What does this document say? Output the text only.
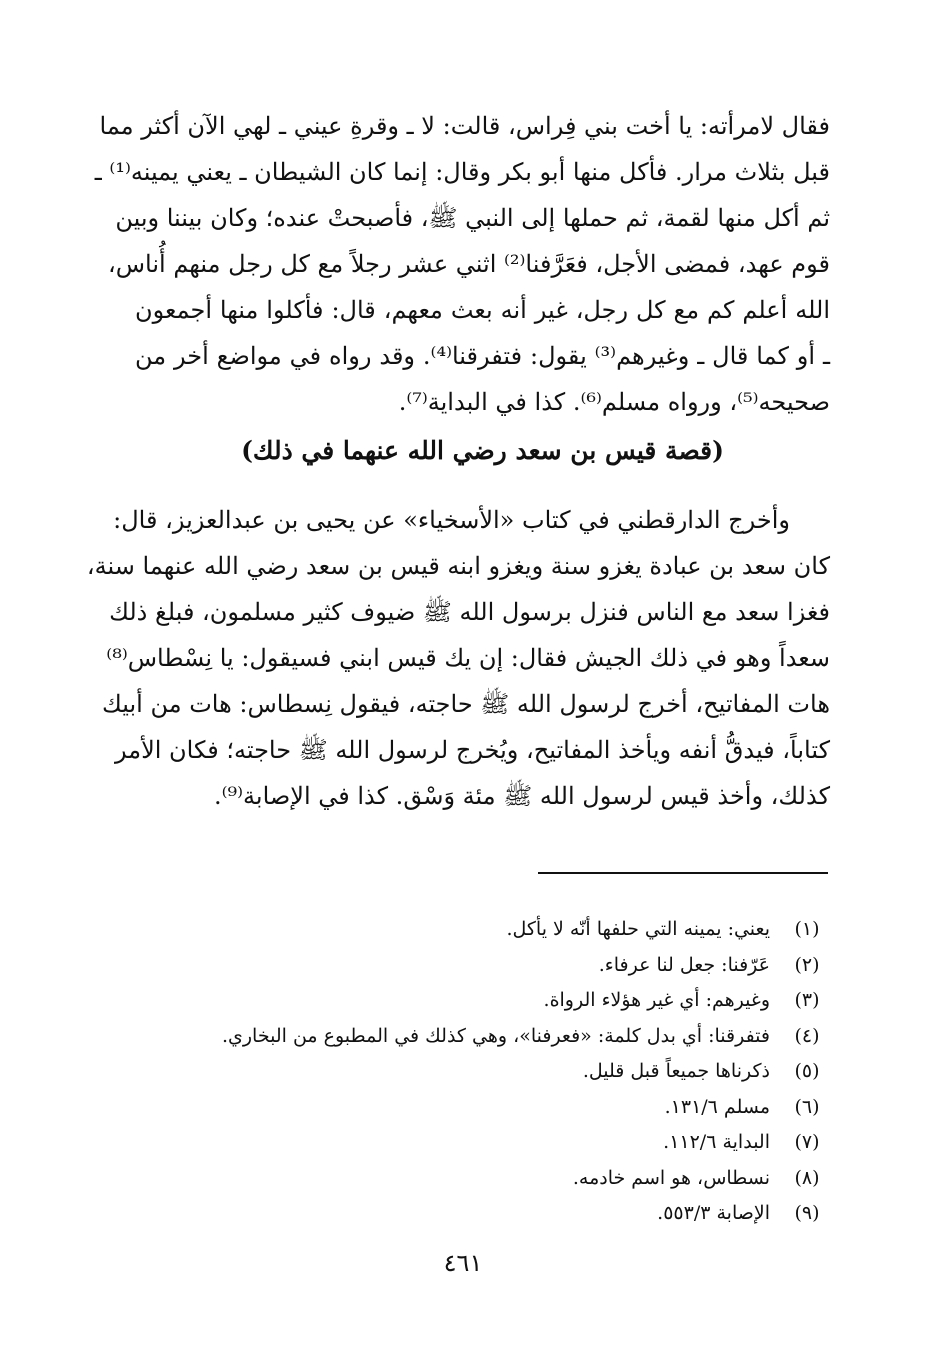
فقال لامرأته: يا أخت بني فِراس، قالت: لا ـ وقرةِ عيني ـ لهي الآن أكثر مما
قبل بثلاث مرار. فأكل منها أبو بكر وقال: إنما كان الشيطان ـ يعني يمينه⁽¹⁾ ـ
ثم أكل منها لقمة، ثم حملها إلى النبي ﷺ، فأصبحتْ عنده؛ وكان بيننا وبين
قوم عهد، فمضى الأجل، فعَرَّفنا⁽²⁾ اثني عشر رجلاً مع كل رجل منهم أُناس،
الله أعلم كم مع كل رجل، غير أنه بعث معهم، قال: فأكلوا منها أجمعون
ـ أو كما قال ـ وغيرهم⁽³⁾ يقول: فتفرقنا⁽⁴⁾. وقد رواه في مواضع أخر من
صحيحه⁽⁵⁾، ورواه مسلم⁽⁶⁾. كذا في البداية⁽⁷⁾.
(قصة قيس بن سعد رضي الله عنهما في ذلك)
وأخرج الدارقطني في كتاب «الأسخياء» عن يحيى بن عبدالعزيز، قال:
كان سعد بن عبادة يغزو سنة ويغزو ابنه قيس بن سعد رضي الله عنهما سنة،
فغزا سعد مع الناس فنزل برسول الله ﷺ ضيوف كثير مسلمون، فبلغ ذلك
سعداً وهو في ذلك الجيش فقال: إن يك قيس ابني فسيقول: يا نِسْطاس⁽⁸⁾
هات المفاتيح، أخرج لرسول الله ﷺ حاجته، فيقول نِسطاس: هات من أبيك
كتاباً، فيدقُّ أنفه ويأخذ المفاتيح، ويُخرج لرسول الله ﷺ حاجته؛ فكان الأمر
كذلك، وأخذ قيس لرسول الله ﷺ مئة وَسْق. كذا في الإصابة⁽⁹⁾.
(١)
يعني: يمينه التي حلفها أنّه لا يأكل.
(٢)
عَرّفنا: جعل لنا عرفاء.
(٣)
وغيرهم: أي غير هؤلاء الرواة.
(٤)
فتفرقنا: أي بدل كلمة: «فعرفنا»، وهي كذلك في المطبوع من البخاري.
(٥)
ذكرناها جميعاً قبل قليل.
(٦)
مسلم ١٣١/٦.
(٧)
البداية ١١٢/٦.
(٨)
نسطاس، هو اسم خادمه.
(٩)
الإصابة ٥٥٣/٣.
٤٦١
